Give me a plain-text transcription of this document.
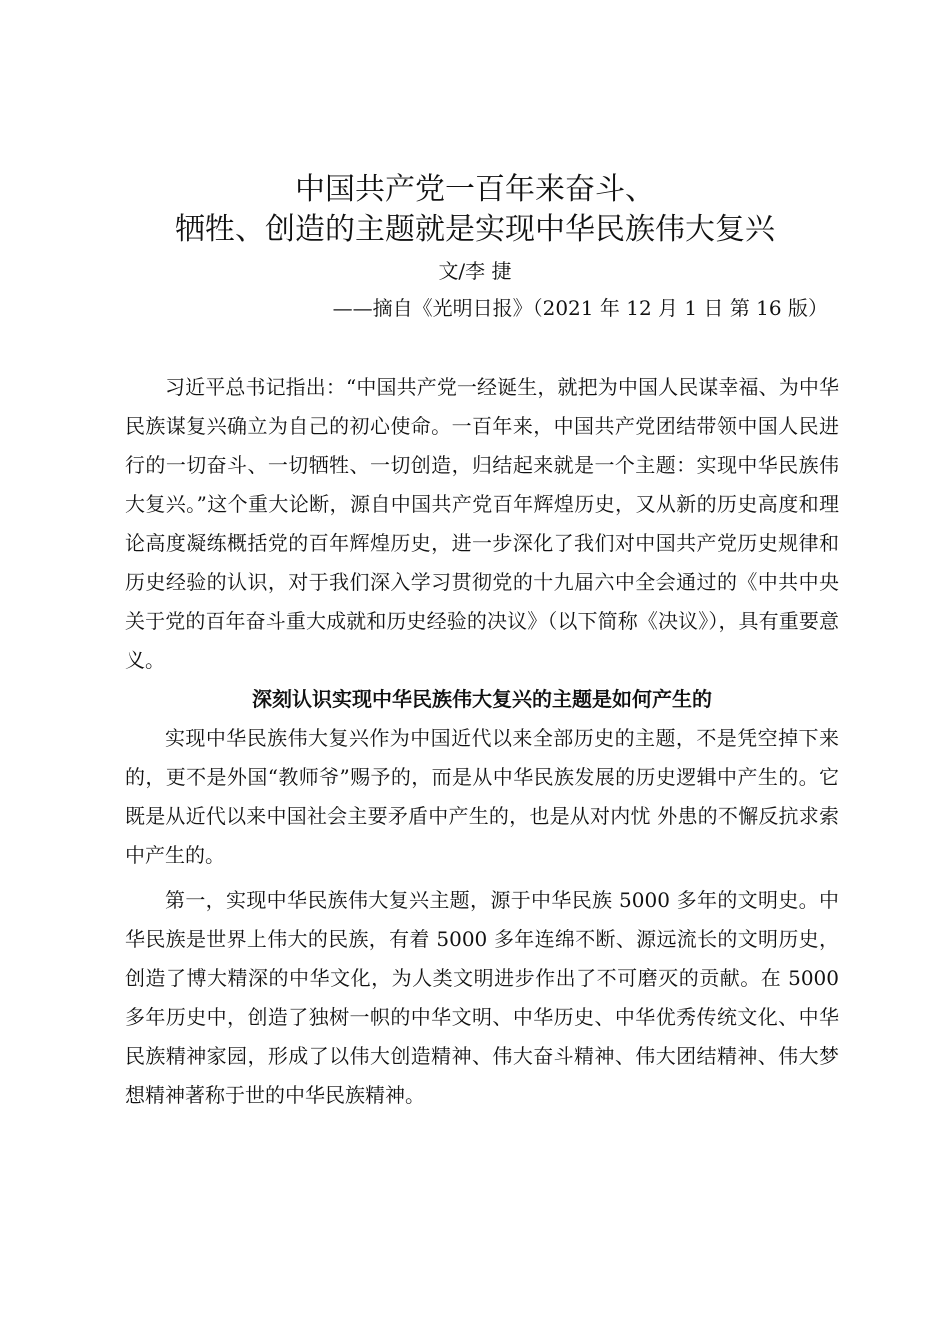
中国共产党一百年来奋斗、
牺牲、创造的主题就是实现中华民族伟大复兴
文/李 捷
——摘自《光明日报》（2021 年 12 月 1 日 第 16 版）

习近平总书记指出：“中国共产党一经诞生，就把为中国人民谋幸福、为中华民族谋复兴确立为自己的初心使命。一百年来，中国共产党团结带领中国人民进行的一切奋斗、一切牺牲、一切创造，归结起来就是一个主题：实现中华民族伟大复兴。”这个重大论断，源自中国共产党百年辉煌历史，又从新的历史高度和理论高度凝练概括党的百年辉煌历史，进一步深化了我们对中国共产党历史规律和历史经验的认识，对于我们深入学习贯彻党的十九届六中全会通过的《中共中央关于党的百年奋斗重大成就和历史经验的决议》（以下简称《决议》），具有重要意义。

深刻认识实现中华民族伟大复兴的主题是如何产生的

实现中华民族伟大复兴作为中国近代以来全部历史的主题，不是凭空掉下来的，更不是外国“教师爷”赐予的，而是从中华民族发展的历史逻辑中产生的。它既是从近代以来中国社会主要矛盾中产生的，也是从对内忧 外患的不懈反抗求索中产生的。

第一，实现中华民族伟大复兴主题，源于中华民族 5000 多年的文明史。中华民族是世界上伟大的民族，有着 5000 多年连绵不断、源远流长的文明历史，创造了博大精深的中华文化，为人类文明进步作出了不可磨灭的贡献。在 5000 多年历史中，创造了独树一帜的中华文明、中华历史、中华优秀传统文化、中华民族精神家园，形成了以伟大创造精神、伟大奋斗精神、伟大团结精神、伟大梦想精神著称于世的中华民族精神。
